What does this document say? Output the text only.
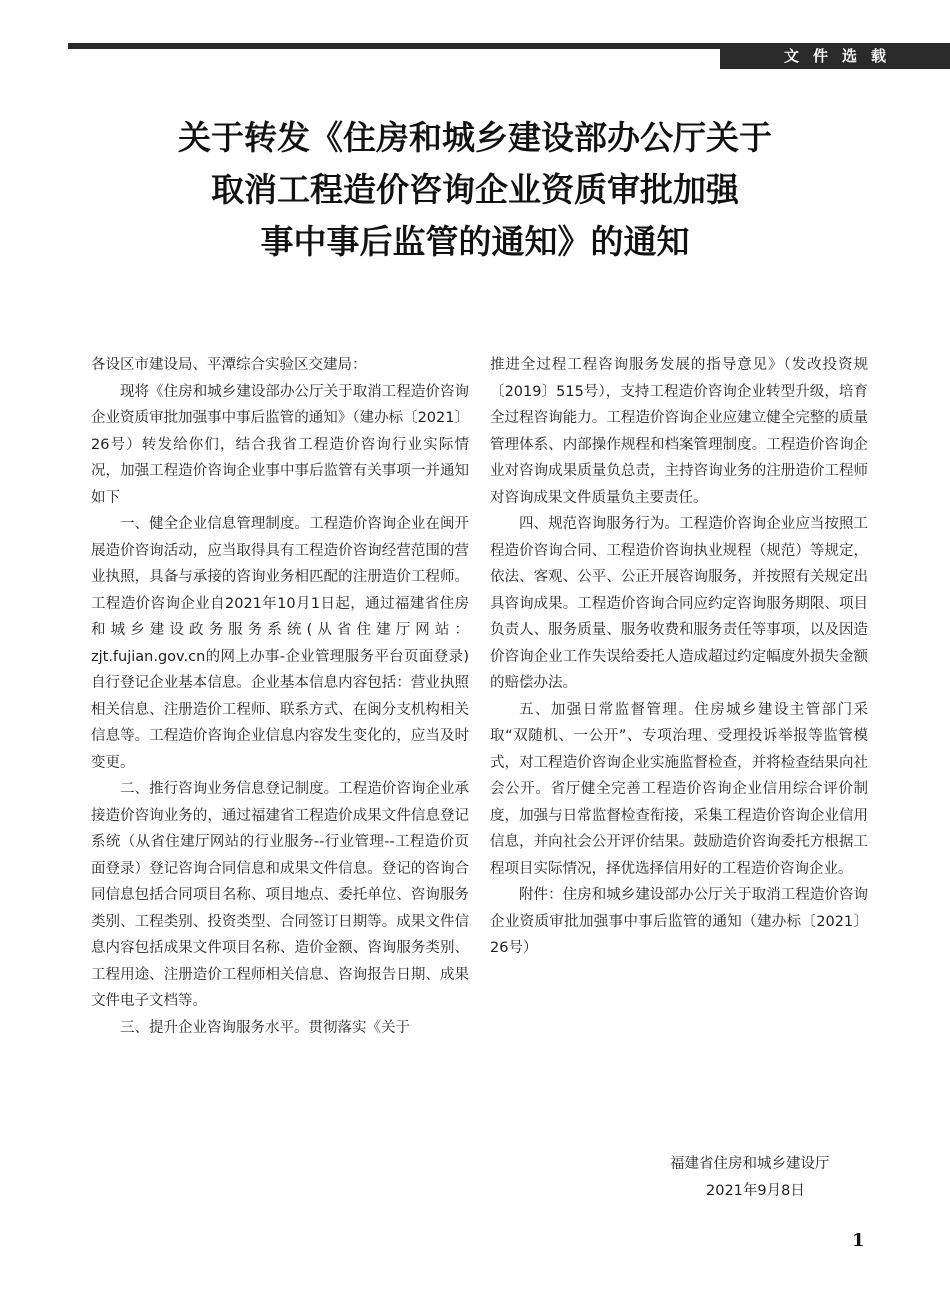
文件选载
关于转发《住房和城乡建设部办公厅关于
取消工程造价咨询企业资质审批加强
事中事后监管的通知》的通知

各设区市建设局、平潭综合实验区交建局：

现将《住房和城乡建设部办公厅关于取消工程造价咨询企业资质审批加强事中事后监管的通知》（建办标〔2021〕26号）转发给你们，结合我省工程造价咨询行业实际情况，加强工程造价咨询企业事中事后监管有关事项一并通知如下

一、健全企业信息管理制度。工程造价咨询企业在闽开展造价咨询活动，应当取得具有工程造价咨询经营范围的营业执照，具备与承接的咨询业务相匹配的注册造价工程师。工程造价咨询企业自2021年10月1日起，通过福建省住房和城乡建设政务服务系统(从省住建厅网站：zjt.fujian.gov.cn的网上办事-企业管理服务平台页面登录)自行登记企业基本信息。企业基本信息内容包括：营业执照相关信息、注册造价工程师、联系方式、在闽分支机构相关信息等。工程造价咨询企业信息内容发生变化的，应当及时变更。

二、推行咨询业务信息登记制度。工程造价咨询企业承接造价咨询业务的，通过福建省工程造价成果文件信息登记系统（从省住建厅网站的行业服务--行业管理--工程造价页面登录）登记咨询合同信息和成果文件信息。登记的咨询合同信息包括合同项目名称、项目地点、委托单位、咨询服务类别、工程类别、投资类型、合同签订日期等。成果文件信息内容包括成果文件项目名称、造价金额、咨询服务类别、工程用途、注册造价工程师相关信息、咨询报告日期、成果文件电子文档等。

三、提升企业咨询服务水平。贯彻落实《关于

推进全过程工程咨询服务发展的指导意见》（发改投资规〔2019〕515号），支持工程造价咨询企业转型升级，培育全过程咨询能力。工程造价咨询企业应建立健全完整的质量管理体系、内部操作规程和档案管理制度。工程造价咨询企业对咨询成果质量负总责，主持咨询业务的注册造价工程师对咨询成果文件质量负主要责任。

四、规范咨询服务行为。工程造价咨询企业应当按照工程造价咨询合同、工程造价咨询执业规程（规范）等规定，依法、客观、公平、公正开展咨询服务，并按照有关规定出具咨询成果。工程造价咨询合同应约定咨询服务期限、项目负责人、服务质量、服务收费和服务责任等事项，以及因造价咨询企业工作失误给委托人造成超过约定幅度外损失金额的赔偿办法。

五、加强日常监督管理。住房城乡建设主管部门采取“双随机、一公开”、专项治理、受理投诉举报等监管模式，对工程造价咨询企业实施监督检查，并将检查结果向社会公开。省厅健全完善工程造价咨询企业信用综合评价制度，加强与日常监督检查衔接，采集工程造价咨询企业信用信息，并向社会公开评价结果。鼓励造价咨询委托方根据工程项目实际情况，择优选择信用好的工程造价咨询企业。

附件：住房和城乡建设部办公厅关于取消工程造价咨询企业资质审批加强事中事后监管的通知（建办标〔2021〕26号）

福建省住房和城乡建设厅
2021年9月8日
1
